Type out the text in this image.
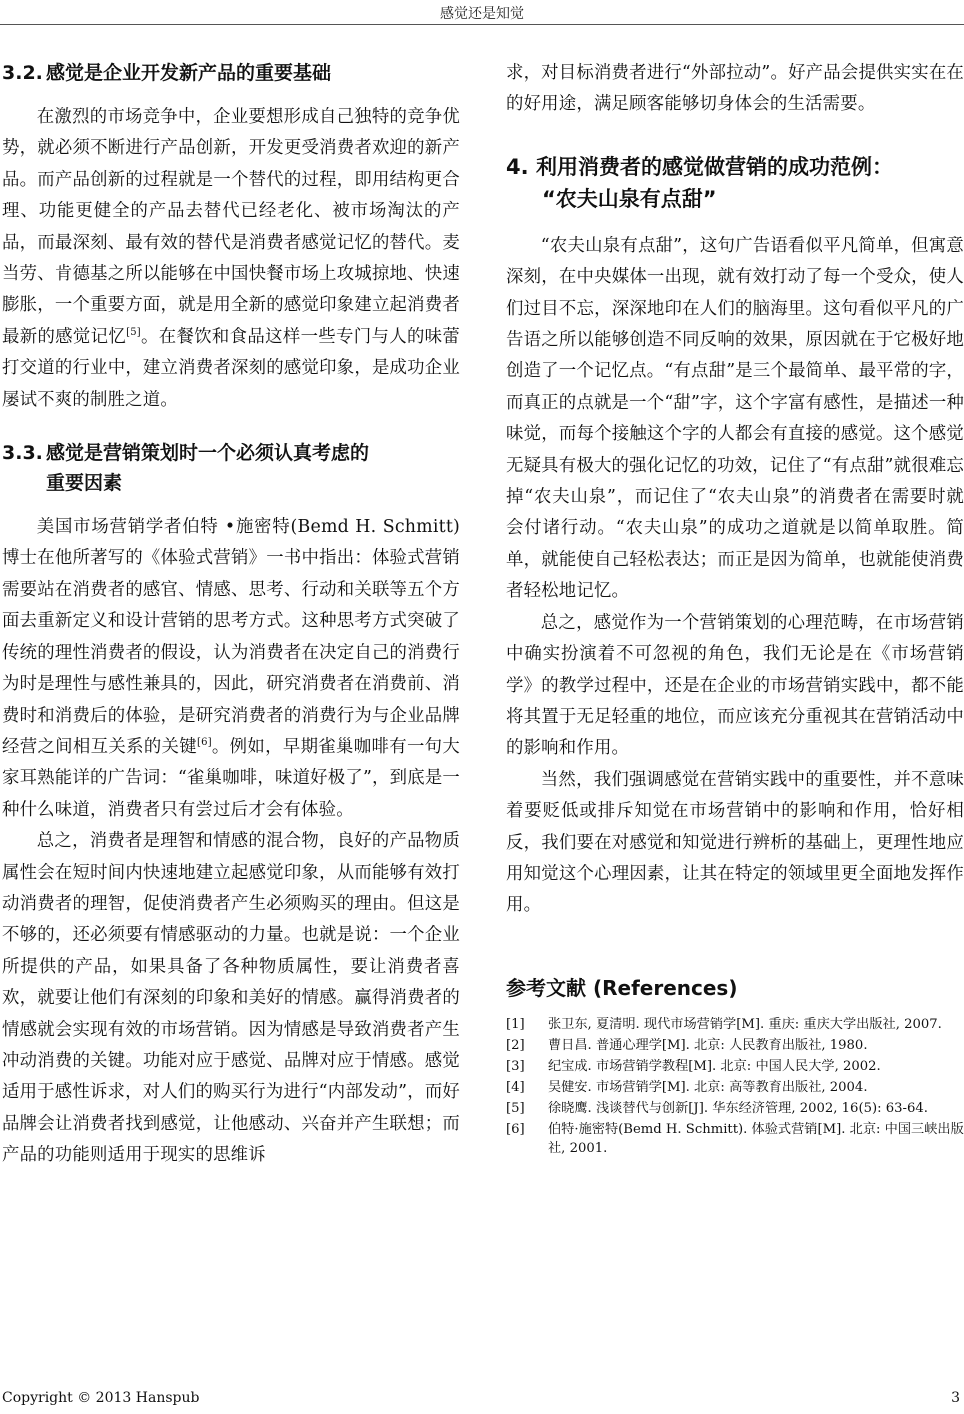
感觉还是知觉
3.2. 感觉是企业开发新产品的重要基础

在激烈的市场竞争中，企业要想形成自己独特的竞争优势，就必须不断进行产品创新，开发更受消费者欢迎的新产品。而产品创新的过程就是一个替代的过程，即用结构更合理、功能更健全的产品去替代已经老化、被市场淘汰的产品，而最深刻、最有效的替代是消费者感觉记忆的替代。麦当劳、肯德基之所以能够在中国快餐市场上攻城掠地、快速膨胀，一个重要方面，就是用全新的感觉印象建立起消费者最新的感觉记忆[5]。在餐饮和食品这样一些专门与人的味蕾打交道的行业中，建立消费者深刻的感觉印象，是成功企业屡试不爽的制胜之道。

3.3. 感觉是营销策划时一个必须认真考虑的
重要因素

美国市场营销学者伯特 •施密特(Bemd H. Schmitt)博士在他所著写的《体验式营销》一书中指出：体验式营销需要站在消费者的感官、情感、思考、行动和关联等五个方面去重新定义和设计营销的思考方式。这种思考方式突破了传统的理性消费者的假设，认为消费者在决定自己的消费行为时是理性与感性兼具的，因此，研究消费者在消费前、消费时和消费后的体验，是研究消费者的消费行为与企业品牌经营之间相互关系的关键[6]。例如，早期雀巢咖啡有一句大家耳熟能详的广告词：“雀巢咖啡，味道好极了”，到底是一种什么味道，消费者只有尝过后才会有体验。

总之，消费者是理智和情感的混合物，良好的产品物质属性会在短时间内快速地建立起感觉印象，从而能够有效打动消费者的理智，促使消费者产生必须购买的理由。但这是不够的，还必须要有情感驱动的力量。也就是说：一个企业所提供的产品，如果具备了各种物质属性，要让消费者喜欢，就要让他们有深刻的印象和美好的情感。赢得消费者的情感就会实现有效的市场营销。因为情感是导致消费者产生冲动消费的关键。功能对应于感觉、品牌对应于情感。感觉适用于感性诉求，对人们的购买行为进行“内部发动”，而好品牌会让消费者找到感觉，让他感动、兴奋并产生联想；而产品的功能则适用于现实的思维诉

求，对目标消费者进行“外部拉动”。好产品会提供实实在在的好用途，满足顾客能够切身体会的生活需要。

4. 利用消费者的感觉做营销的成功范例：
“农夫山泉有点甜”

“农夫山泉有点甜”，这句广告语看似平凡简单，但寓意深刻，在中央媒体一出现，就有效打动了每一个受众，使人们过目不忘，深深地印在人们的脑海里。这句看似平凡的广告语之所以能够创造不同反响的效果，原因就在于它极好地创造了一个记忆点。“有点甜”是三个最简单、最平常的字，而真正的点就是一个“甜”字，这个字富有感性，是描述一种味觉，而每个接触这个字的人都会有直接的感觉。这个感觉无疑具有极大的强化记忆的功效，记住了“有点甜”就很难忘掉“农夫山泉”，而记住了“农夫山泉”的消费者在需要时就会付诸行动。“农夫山泉”的成功之道就是以简单取胜。简单，就能使自己轻松表达；而正是因为简单，也就能使消费者轻松地记忆。

总之，感觉作为一个营销策划的心理范畴，在市场营销中确实扮演着不可忽视的角色，我们无论是在《市场营销学》的教学过程中，还是在企业的市场营销实践中，都不能将其置于无足轻重的地位，而应该充分重视其在营销活动中的影响和作用。

当然，我们强调感觉在营销实践中的重要性，并不意味着要贬低或排斥知觉在市场营销中的影响和作用，恰好相反，我们要在对感觉和知觉进行辨析的基础上，更理性地应用知觉这个心理因素，让其在特定的领域里更全面地发挥作用。

参考文献 (References)
[1]	张卫东, 夏清明. 现代市场营销学[M]. 重庆: 重庆大学出版社, 2007.
[2]	曹日昌. 普通心理学[M]. 北京: 人民教育出版社, 1980.
[3]	纪宝成. 市场营销学教程[M]. 北京: 中国人民大学, 2002.
[4]	吴健安. 市场营销学[M]. 北京: 高等教育出版社, 2004.
[5]	徐晓鹰. 浅谈替代与创新[J]. 华东经济管理, 2002, 16(5): 63-64.
[6]	伯特·施密特(Bemd H. Schmitt). 体验式营销[M]. 北京: 中国三峡出版社, 2001.
Copyright © 2013 Hanspub	3
